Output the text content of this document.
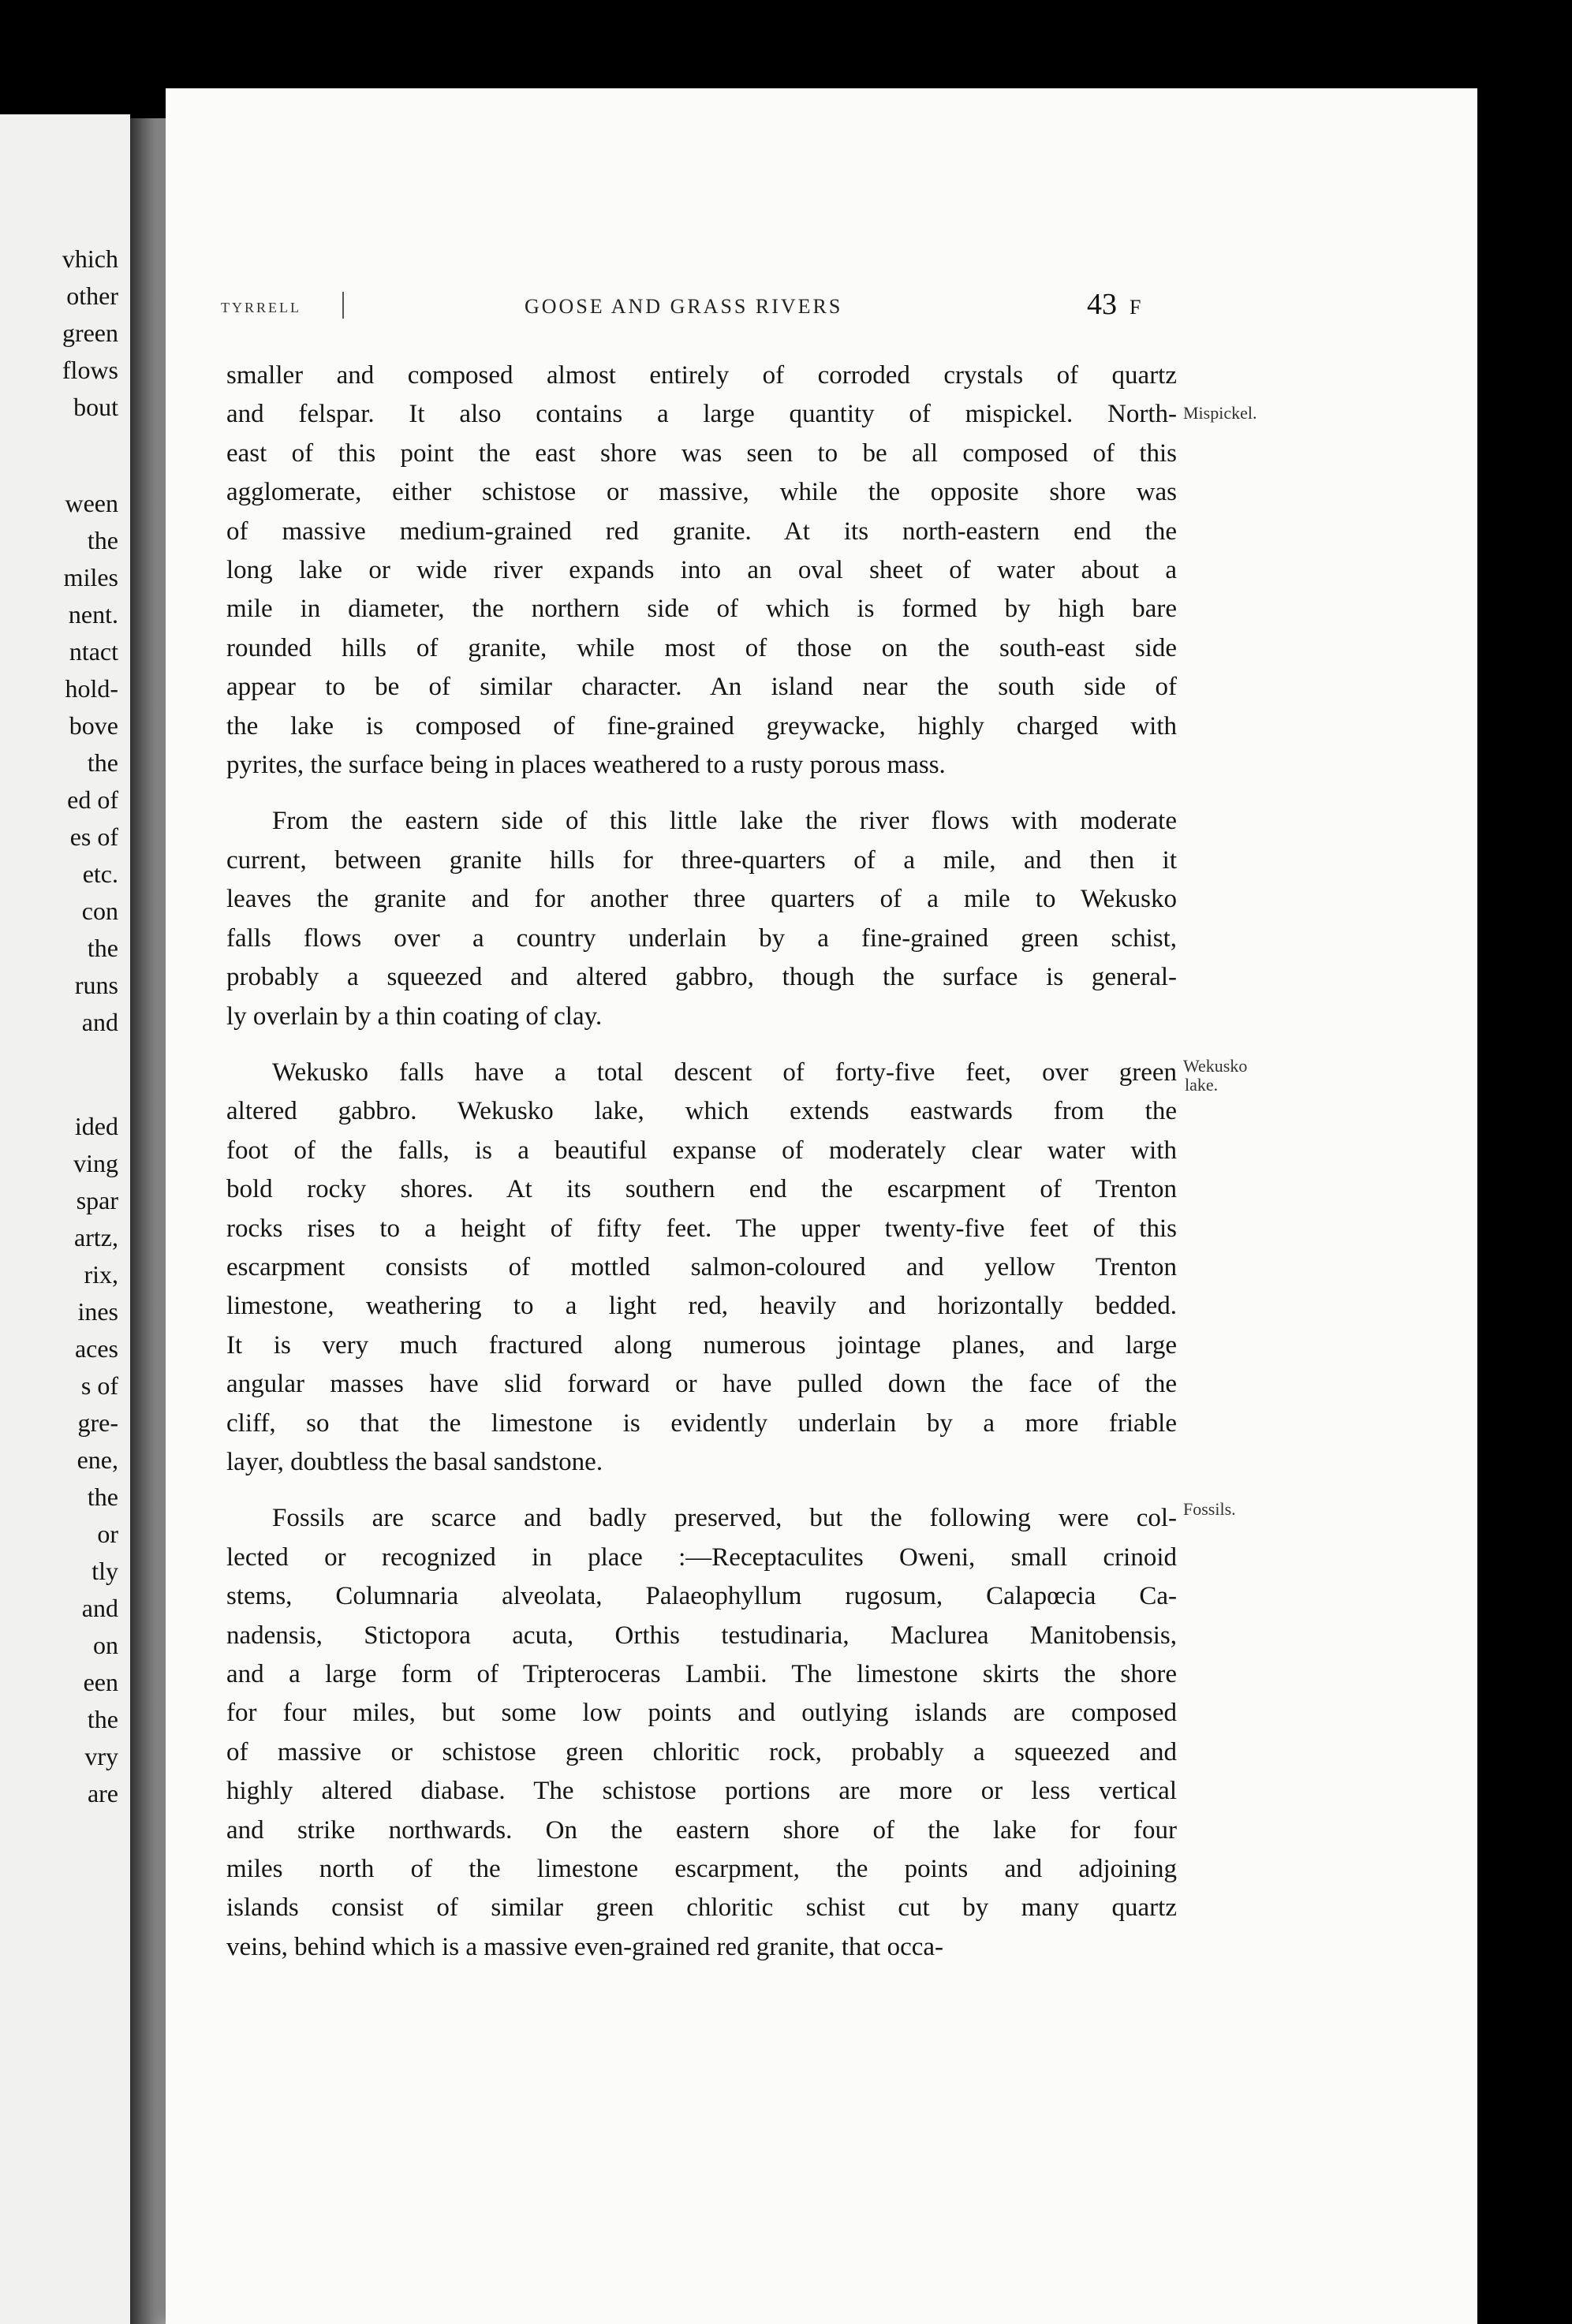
vhich
other
green
flows
bout
ween
the
miles
nent.
ntact
hold-
bove
the
ed of
es of
etc.
con
the
runs
and
ided
ving
spar
artz,
rix,
ines
aces
s of
gre-
ene,
the
or
tly
and
on
een
the
vry
are
TYRRELL	GOOSE AND GRASS RIVERS	43 F
smaller and composed almost entirely of corroded crystals of quartz
and felspar. It also contains a large quantity of mispickel. North-
east of this point the east shore was seen to be all composed of this
agglomerate, either schistose or massive, while the opposite shore was
of massive medium-grained red granite. At its north-eastern end the
long lake or wide river expands into an oval sheet of water about a
mile in diameter, the northern side of which is formed by high bare
rounded hills of granite, while most of those on the south-east side
appear to be of similar character. An island near the south side of
the lake is composed of fine-grained greywacke, highly charged with
pyrites, the surface being in places weathered to a rusty porous mass.
From the eastern side of this little lake the river flows with moderate
current, between granite hills for three-quarters of a mile, and then it
leaves the granite and for another three quarters of a mile to Wekusko
falls flows over a country underlain by a fine-grained green schist,
probably a squeezed and altered gabbro, though the surface is general-
ly overlain by a thin coating of clay.
Wekusko falls have a total descent of forty-five feet, over green
altered gabbro. Wekusko lake, which extends eastwards from the
foot of the falls, is a beautiful expanse of moderately clear water with
bold rocky shores. At its southern end the escarpment of Trenton
rocks rises to a height of fifty feet. The upper twenty-five feet of this
escarpment consists of mottled salmon-coloured and yellow Trenton
limestone, weathering to a light red, heavily and horizontally bedded.
It is very much fractured along numerous jointage planes, and large
angular masses have slid forward or have pulled down the face of the
cliff, so that the limestone is evidently underlain by a more friable
layer, doubtless the basal sandstone.
Fossils are scarce and badly preserved, but the following were col-
lected or recognized in place :—Receptaculites Oweni, small crinoid
stems, Columnaria alveolata, Palaeophyllum rugosum, Calapœcia Ca-
nadensis, Stictopora acuta, Orthis testudinaria, Maclurea Manitobensis,
and a large form of Tripteroceras Lambii. The limestone skirts the shore
for four miles, but some low points and outlying islands are composed
of massive or schistose green chloritic rock, probably a squeezed and
highly altered diabase. The schistose portions are more or less vertical
and strike northwards. On the eastern shore of the lake for four
miles north of the limestone escarpment, the points and adjoining
islands consist of similar green chloritic schist cut by many quartz
veins, behind which is a massive even-grained red granite, that occa-
Mispickel.
Wekusko
lake.
Fossils.
